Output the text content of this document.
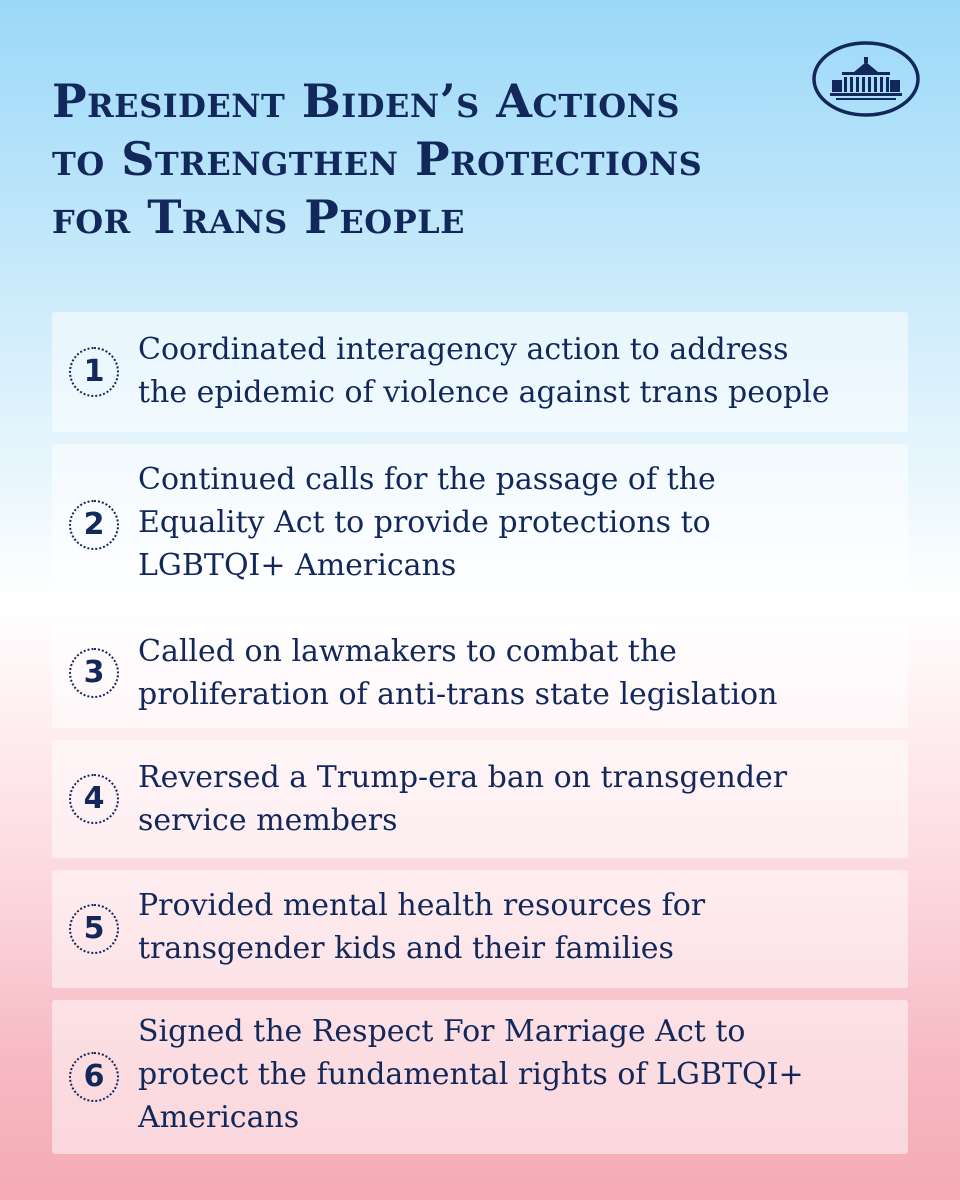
President Biden’s Actions
to Strengthen Protections
for Trans People
1

Coordinated interagency action to address
the epidemic of violence against trans people

2

Continued calls for the passage of the
Equality Act to provide protections to
LGBTQI+ Americans

3

Called on lawmakers to combat the
proliferation of anti-trans state legislation

4

Reversed a Trump-era ban on transgender
service members

5

Provided mental health resources for
transgender kids and their families

6

Signed the Respect For Marriage Act to
protect the fundamental rights of LGBTQI+
Americans
